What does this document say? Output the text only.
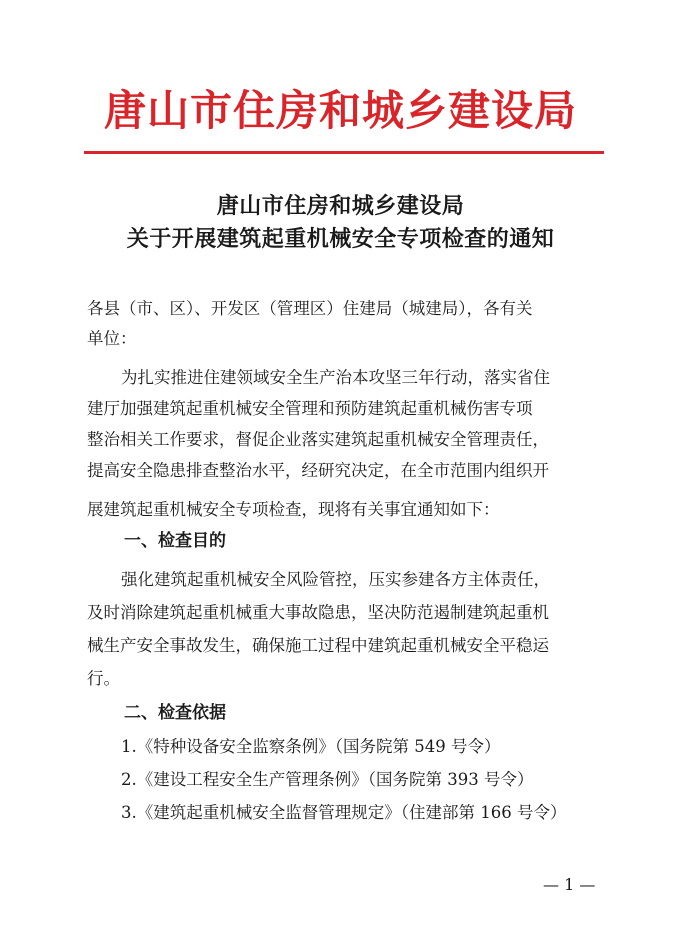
唐山市住房和城乡建设局
唐山市住房和城乡建设局
关于开展建筑起重机械安全专项检查的通知
各县（市、区）、开发区（管理区）住建局（城建局），各有关
单位：
为扎实推进住建领域安全生产治本攻坚三年行动，落实省住
建厅加强建筑起重机械安全管理和预防建筑起重机械伤害专项
整治相关工作要求，督促企业落实建筑起重机械安全管理责任，
提高安全隐患排查整治水平，经研究决定，在全市范围内组织开
展建筑起重机械安全专项检查，现将有关事宜通知如下：
一、检查目的
强化建筑起重机械安全风险管控，压实参建各方主体责任，
及时消除建筑起重机械重大事故隐患，坚决防范遏制建筑起重机
械生产安全事故发生，确保施工过程中建筑起重机械安全平稳运
行。
二、检查依据
1.《特种设备安全监察条例》（国务院第 549 号令）
2.《建设工程安全生产管理条例》（国务院第 393 号令）
3.《建筑起重机械安全监督管理规定》（住建部第 166 号令）
— 1 —
